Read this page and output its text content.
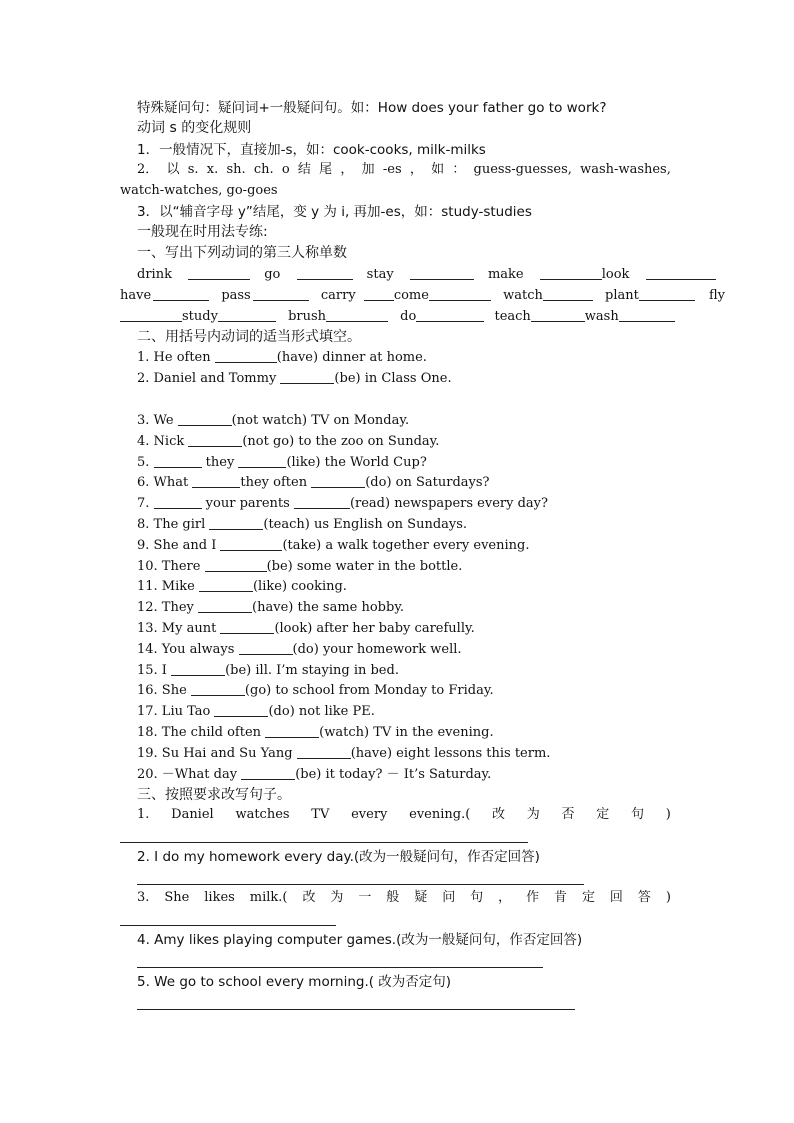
特殊疑问句：疑问词+一般疑问句。如：How does your father go to work?
动词 s 的变化规则
1．一般情况下，直接加-s，如：cook-cooks, milk-milks
2． 以 s. x. sh. ch. o 结 尾 ， 加 -es ， 如 ： guess-guesses, wash-washes,
watch-watches, go-goes
3．以“辅音字母 y”结尾，变 y 为 i, 再加-es，如：study-studies
一般现在时用法专练:
一、写出下列动词的第三人称单数
drink	go	stay	make	look
have	pass	carry	come	watch	plant	fly
study	brush	do	teach	wash
二、用括号内动词的适当形式填空。
1. He often	(have) dinner at home.
2. Daniel and Tommy	(be) in Class One.
3. We	(not watch) TV on Monday.
4. Nick	(not go) to the zoo on Sunday.
5.	they	(like) the World Cup?
6. What	they often	(do) on Saturdays?
7.	your parents	(read) newspapers every day?
8. The girl	(teach) us English on Sundays.
9. She and I	(take) a walk together every evening.
10. There	(be) some water in the bottle.
11. Mike	(like) cooking.
12. They	(have) the same hobby.
13. My aunt	(look) after her baby carefully.
14. You always	(do) your homework well.
15. I	(be) ill. I’m staying in bed.
16. She	(go) to school from Monday to Friday.
17. Liu Tao	(do) not like PE.
18. The child often	(watch) TV in the evening.
19. Su Hai and Su Yang	(have) eight lessons this term.
20. －What day	(be) it today? － It’s Saturday.
三、按照要求改写句子。
1. Daniel watches TV every evening.( 改 为 否 定 句 )
2. I do my homework every day.(改为一般疑问句，作否定回答)
3. She likes milk.( 改 为 一 般 疑 问 句 ， 作 肯 定 回 答 )
4. Amy likes playing computer games.(改为一般疑问句，作否定回答)
5. We go to school every morning.( 改为否定句)
